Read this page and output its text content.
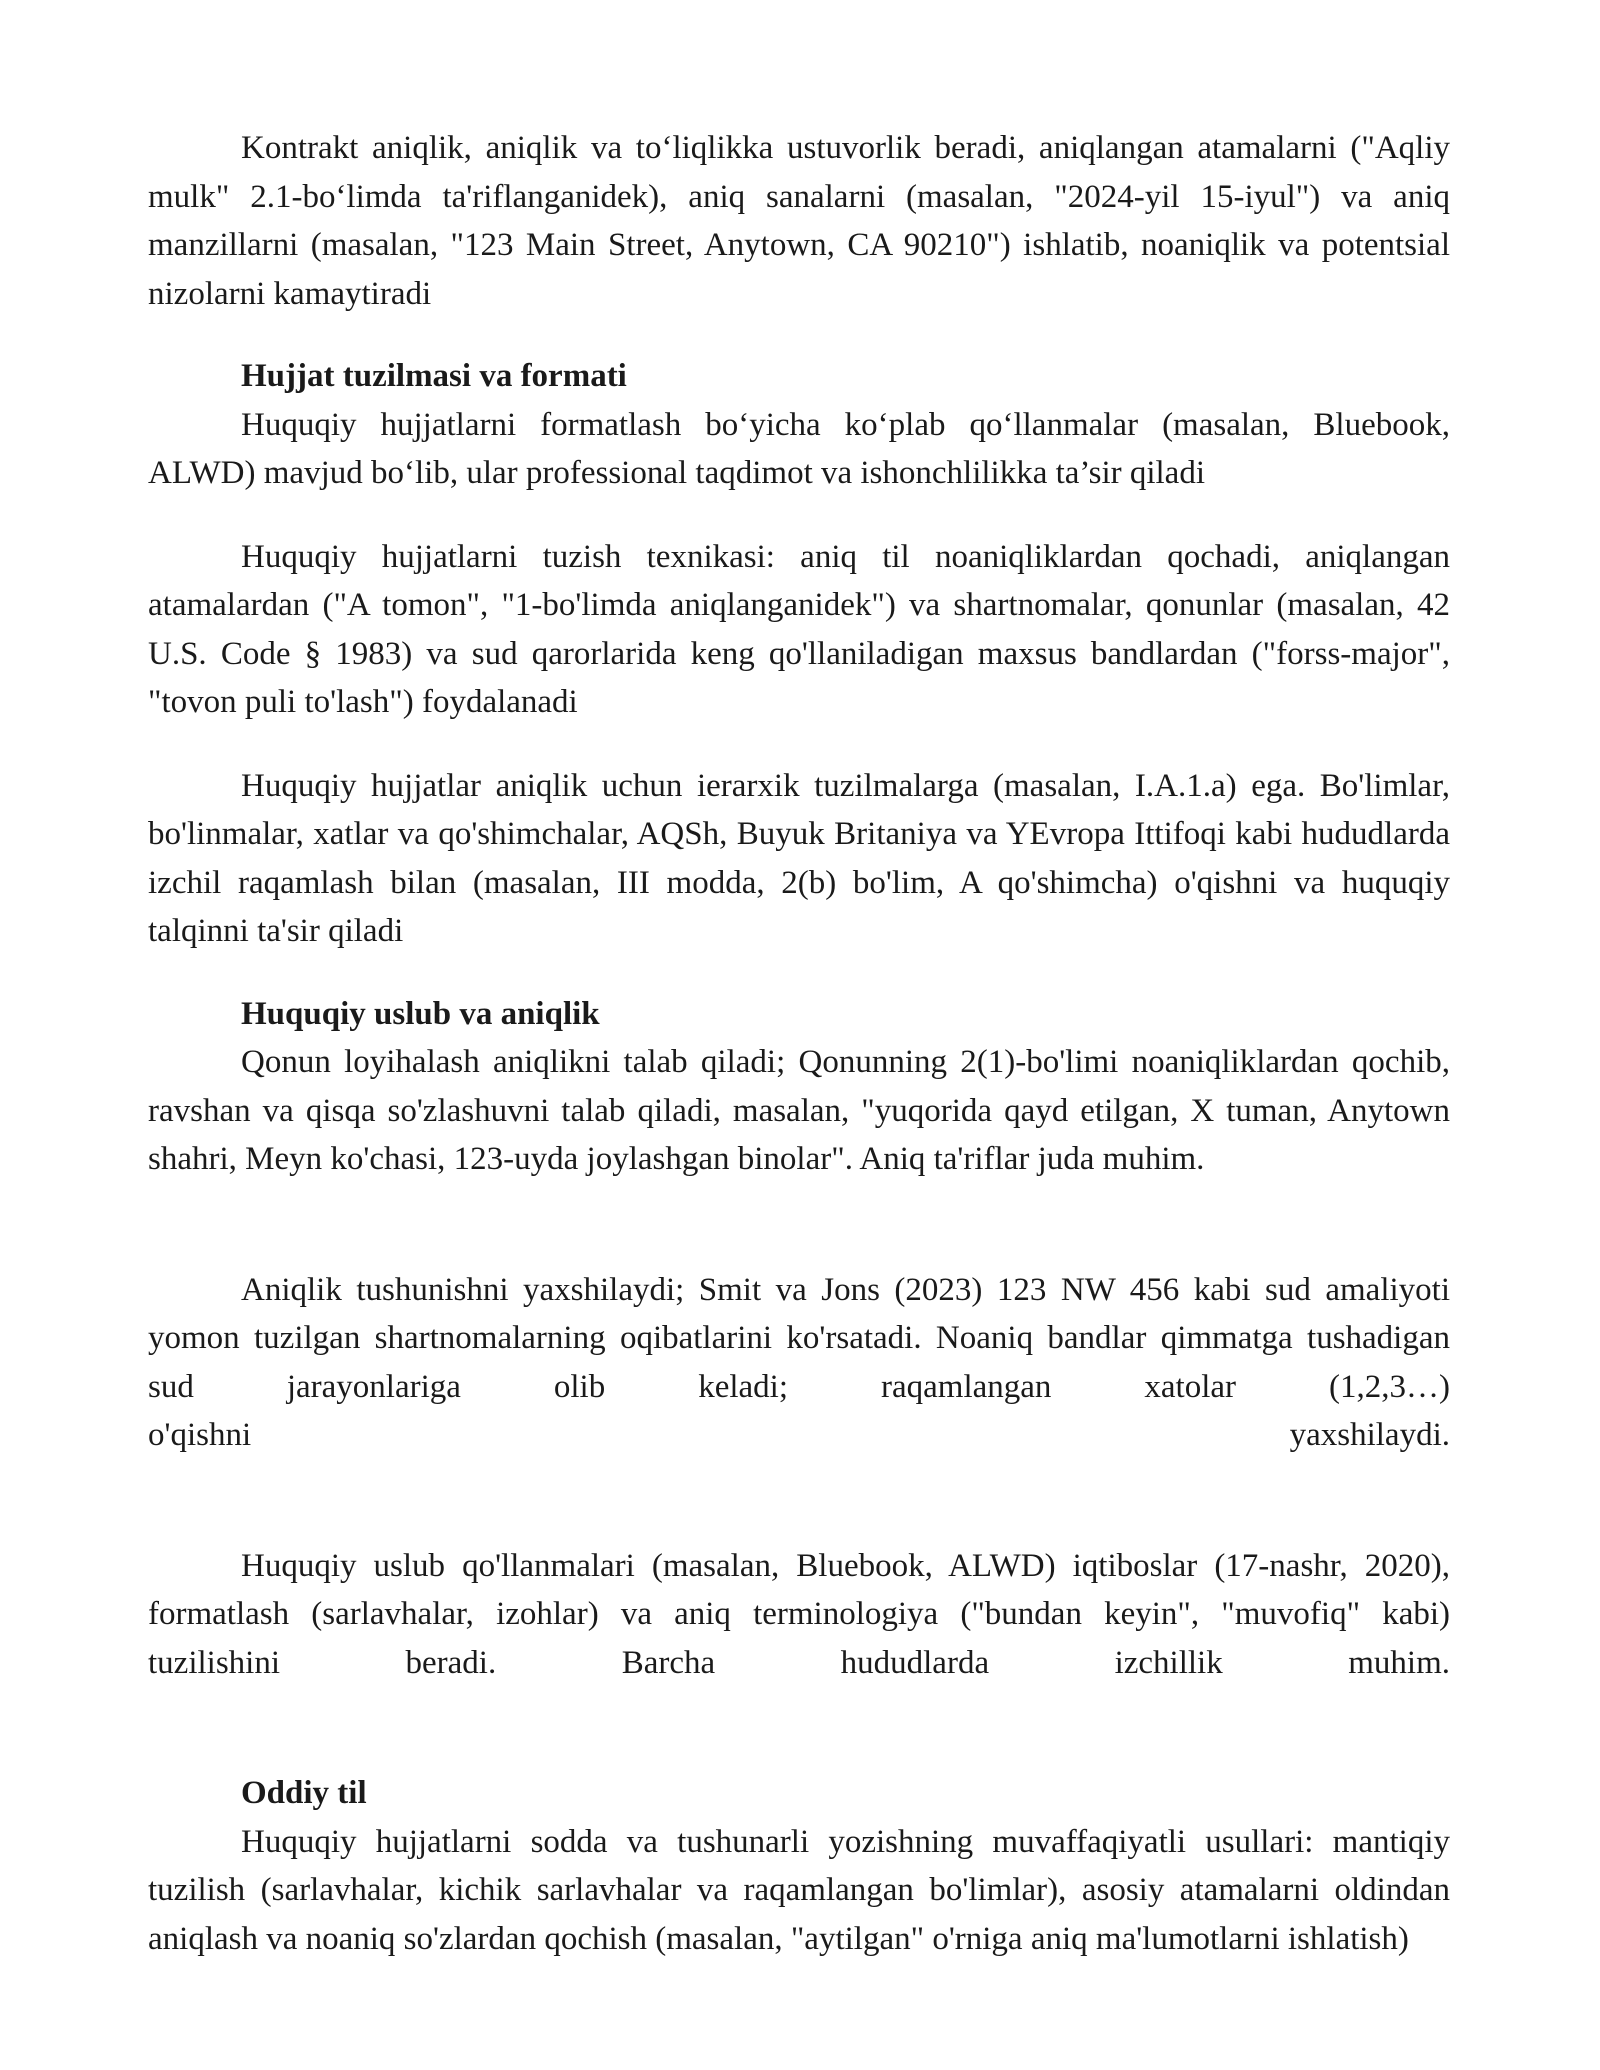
Kontrakt aniqlik, aniqlik va to‘liqlikka ustuvorlik beradi, aniqlangan atamalarni ("Aqliy mulk" 2.1-bo‘limda ta'riflanganidek), aniq sanalarni (masalan, "2024-yil 15-iyul") va aniq manzillarni (masalan, "123 Main Street, Anytown, CA 90210") ishlatib, noaniqlik va potentsial nizolarni kamaytiradi

Hujjat tuzilmasi va formati

Huquqiy hujjatlarni formatlash bo‘yicha ko‘plab qo‘llanmalar (masalan, Bluebook, ALWD) mavjud bo‘lib, ular professional taqdimot va ishonchlilikka ta’sir qiladi

Huquqiy hujjatlarni tuzish texnikasi: aniq til noaniqliklardan qochadi, aniqlangan atamalardan ("A tomon", "1-bo'limda aniqlanganidek") va shartnomalar, qonunlar (masalan, 42 U.S. Code § 1983) va sud qarorlarida keng qo'llaniladigan maxsus bandlardan ("forss-major", "tovon puli to'lash") foydalanadi

Huquqiy hujjatlar aniqlik uchun ierarxik tuzilmalarga (masalan, I.A.1.a) ega. Bo'limlar, bo'linmalar, xatlar va qo'shimchalar, AQSh, Buyuk Britaniya va YEvropa Ittifoqi kabi hududlarda izchil raqamlash bilan (masalan, III modda, 2(b) bo'lim, A qo'shimcha) o'qishni va huquqiy talqinni ta'sir qiladi

Huquqiy uslub va aniqlik

Qonun loyihalash aniqlikni talab qiladi; Qonunning 2(1)-bo'limi noaniqliklardan qochib, ravshan va qisqa so'zlashuvni talab qiladi, masalan, "yuqorida qayd etilgan, X tuman, Anytown shahri, Meyn ko'chasi, 123-uyda joylashgan binolar". Aniq ta'riflar juda muhim.

Aniqlik tushunishni yaxshilaydi; Smit va Jons (2023) 123 NW 456 kabi sud amaliyoti yomon tuzilgan shartnomalarning oqibatlarini ko'rsatadi. Noaniq bandlar qimmatga tushadigan sud jarayonlariga olib keladi; raqamlangan xatolar (1,2,3…)

o'qishni	yaxshilaydi.

Huquqiy uslub qo'llanmalari (masalan, Bluebook, ALWD) iqtiboslar (17-nashr, 2020), formatlash (sarlavhalar, izohlar) va aniq terminologiya ("bundan keyin", "muvofiq" kabi) tuzilishini beradi. Barcha hududlarda izchillik muhim.

Oddiy til

Huquqiy hujjatlarni sodda va tushunarli yozishning muvaffaqiyatli usullari: mantiqiy tuzilish (sarlavhalar, kichik sarlavhalar va raqamlangan bo'limlar), asosiy atamalarni oldindan aniqlash va noaniq so'zlardan qochish (masalan, "aytilgan" o'rniga aniq ma'lumotlarni ishlatish)
